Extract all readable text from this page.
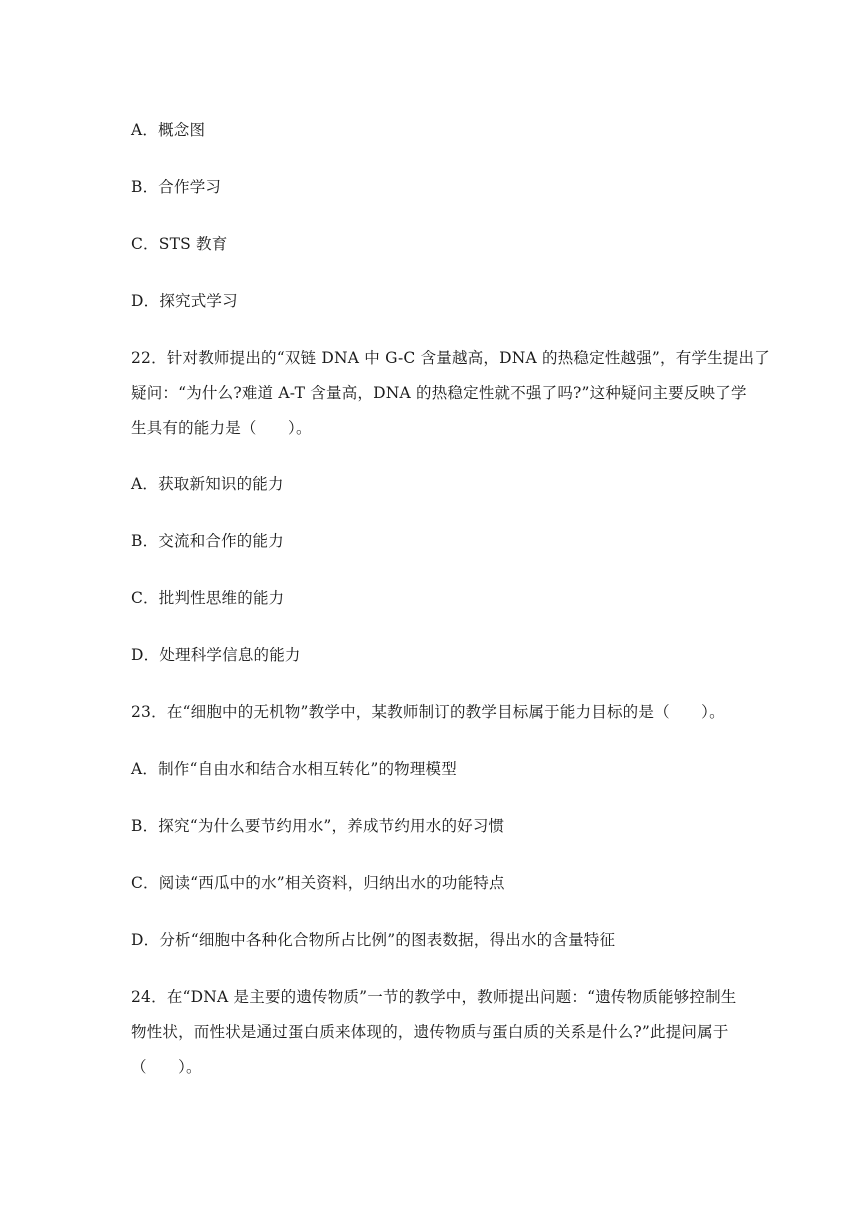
A．概念图
B．合作学习
C．STS 教育
D．探究式学习
22．针对教师提出的“双链 DNA 中 G-C 含量越高，DNA 的热稳定性越强”，有学生提出了
疑问：“为什么?难道 A-T 含量高，DNA 的热稳定性就不强了吗?”这种疑问主要反映了学
生具有的能力是（　　）。
A．获取新知识的能力
B．交流和合作的能力
C．批判性思维的能力
D．处理科学信息的能力
23．在“细胞中的无机物”教学中，某教师制订的教学目标属于能力目标的是（　　）。
A．制作“自由水和结合水相互转化”的物理模型
B．探究“为什么要节约用水”，养成节约用水的好习惯
C．阅读“西瓜中的水”相关资料，归纳出水的功能特点
D．分析“细胞中各种化合物所占比例”的图表数据，得出水的含量特征
24．在“DNA 是主要的遗传物质”一节的教学中，教师提出问题：“遗传物质能够控制生
物性状，而性状是通过蛋白质来体现的，遗传物质与蛋白质的关系是什么?”此提问属于
（　　）。
